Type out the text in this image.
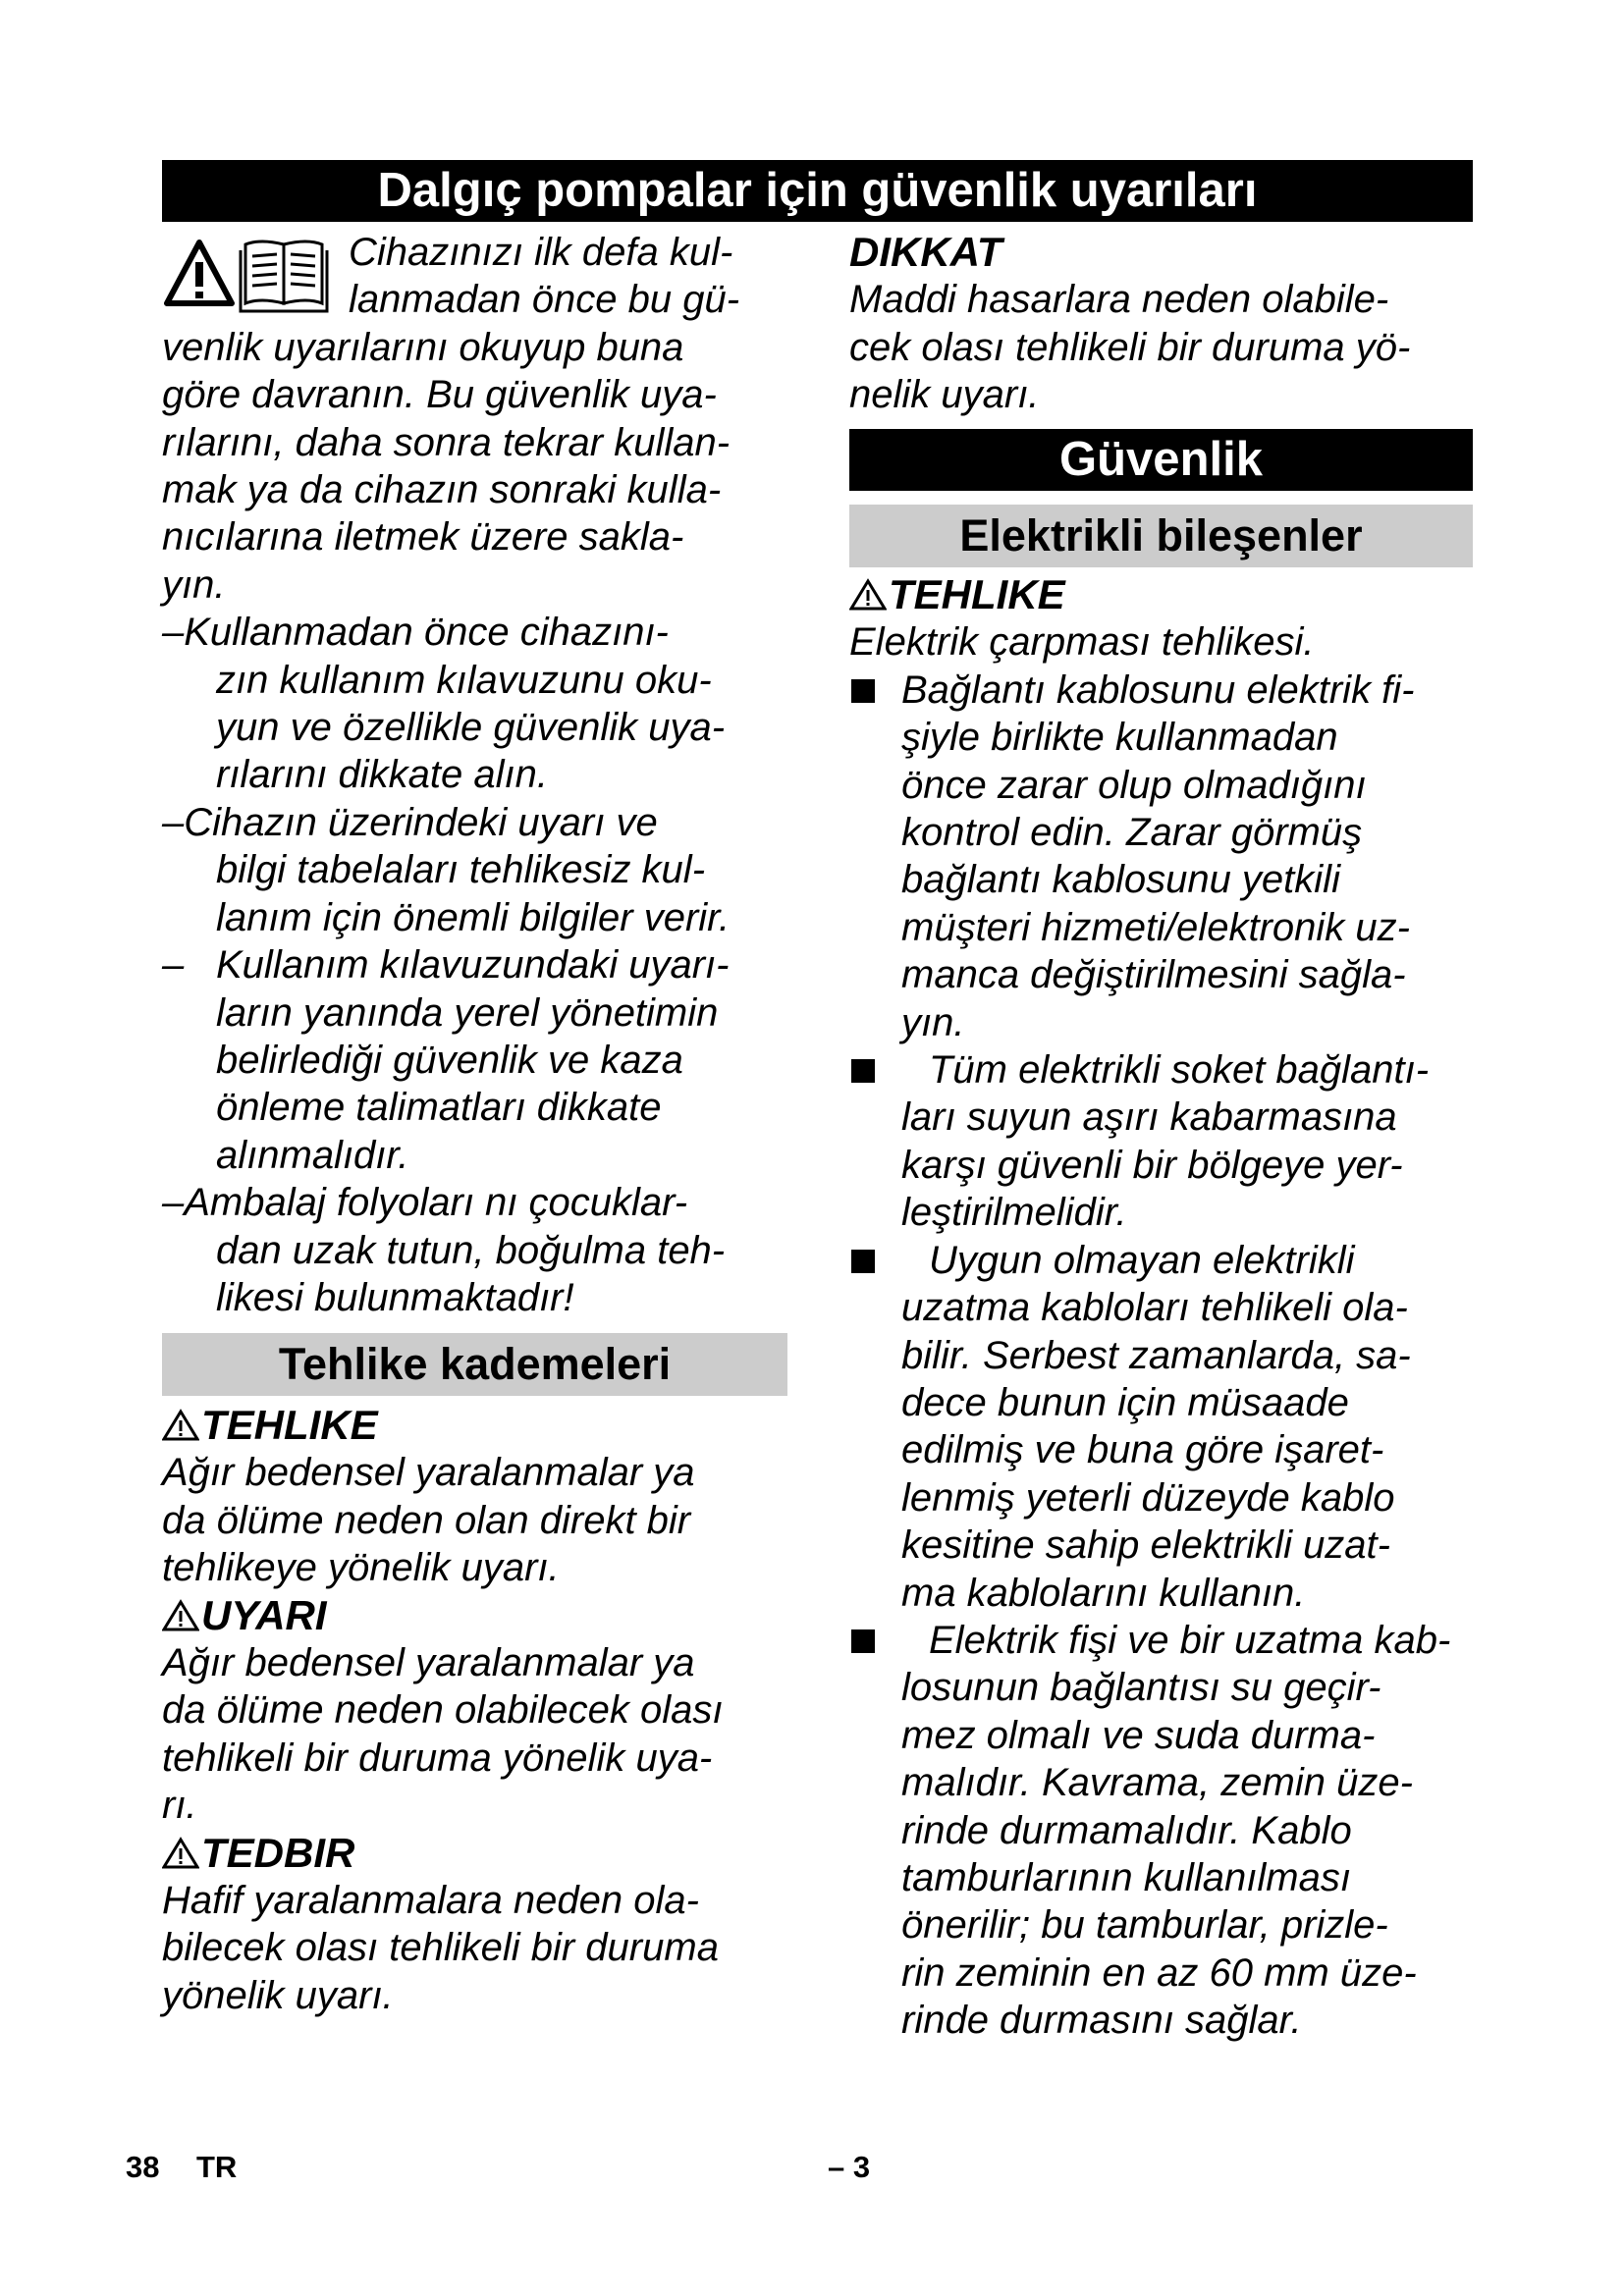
Dalgıç pompalar için güvenlik uyarıları
Cihazınızı ilk defa kul-
lanmadan önce bu gü-
venlik uyarılarını okuyup buna
göre davranın. Bu güvenlik uya-
rılarını, daha sonra tekrar kullan-
mak ya da cihazın sonraki kulla-
nıcılarına iletmek üzere sakla-
yın.
–Kullanmadan önce cihazını-
zın kullanım kılavuzunu oku-
yun ve özellikle güvenlik uya-
rılarını dikkate alın.
–Cihazın üzerindeki uyarı ve
bilgi tabelaları tehlikesiz kul-
lanım için önemli bilgiler verir.
– Kullanım kılavuzundaki uyarı-
ların yanında yerel yönetimin
belirlediği güvenlik ve kaza
önleme talimatları dikkate
alınmalıdır.
–Ambalaj folyoları nı çocuklar-
dan uzak tutun, boğulma teh-
likesi bulunmaktadır!
Tehlike kademeleri
TEHLIKE
Ağır bedensel yaralanmalar ya
da ölüme neden olan direkt bir
tehlikeye yönelik uyarı.
UYARI
Ağır bedensel yaralanmalar ya
da ölüme neden olabilecek olası
tehlikeli bir duruma yönelik uya-
rı.
TEDBIR
Hafif yaralanmalara neden ola-
bilecek olası tehlikeli bir duruma
yönelik uyarı.
DIKKAT
Maddi hasarlara neden olabile-
cek olası tehlikeli bir duruma yö-
nelik uyarı.
Güvenlik
Elektrikli bileşenler
TEHLIKE
Elektrik çarpması tehlikesi.
Bağlantı kablosunu elektrik fi-
şiyle birlikte kullanmadan
önce zarar olup olmadığını
kontrol edin. Zarar görmüş
bağlantı kablosunu yetkili
müşteri hizmeti/elektronik uz-
manca değiştirilmesini sağla-
yın.
Tüm elektrikli soket bağlantı-
ları suyun aşırı kabarmasına
karşı güvenli bir bölgeye yer-
leştirilmelidir.
Uygun olmayan elektrikli
uzatma kabloları tehlikeli ola-
bilir. Serbest zamanlarda, sa-
dece bunun için müsaade
edilmiş ve buna göre işaret-
lenmiş yeterli düzeyde kablo
kesitine sahip elektrikli uzat-
ma kablolarını kullanın.
Elektrik fişi ve bir uzatma kab-
losunun bağlantısı su geçir-
mez olmalı ve suda durma-
malıdır. Kavrama, zemin üze-
rinde durmamalıdır. Kablo
tamburlarının kullanılması
önerilir; bu tamburlar, prizle-
rin zeminin en az 60 mm üze-
rinde durmasını sağlar.
38 TR	– 3
